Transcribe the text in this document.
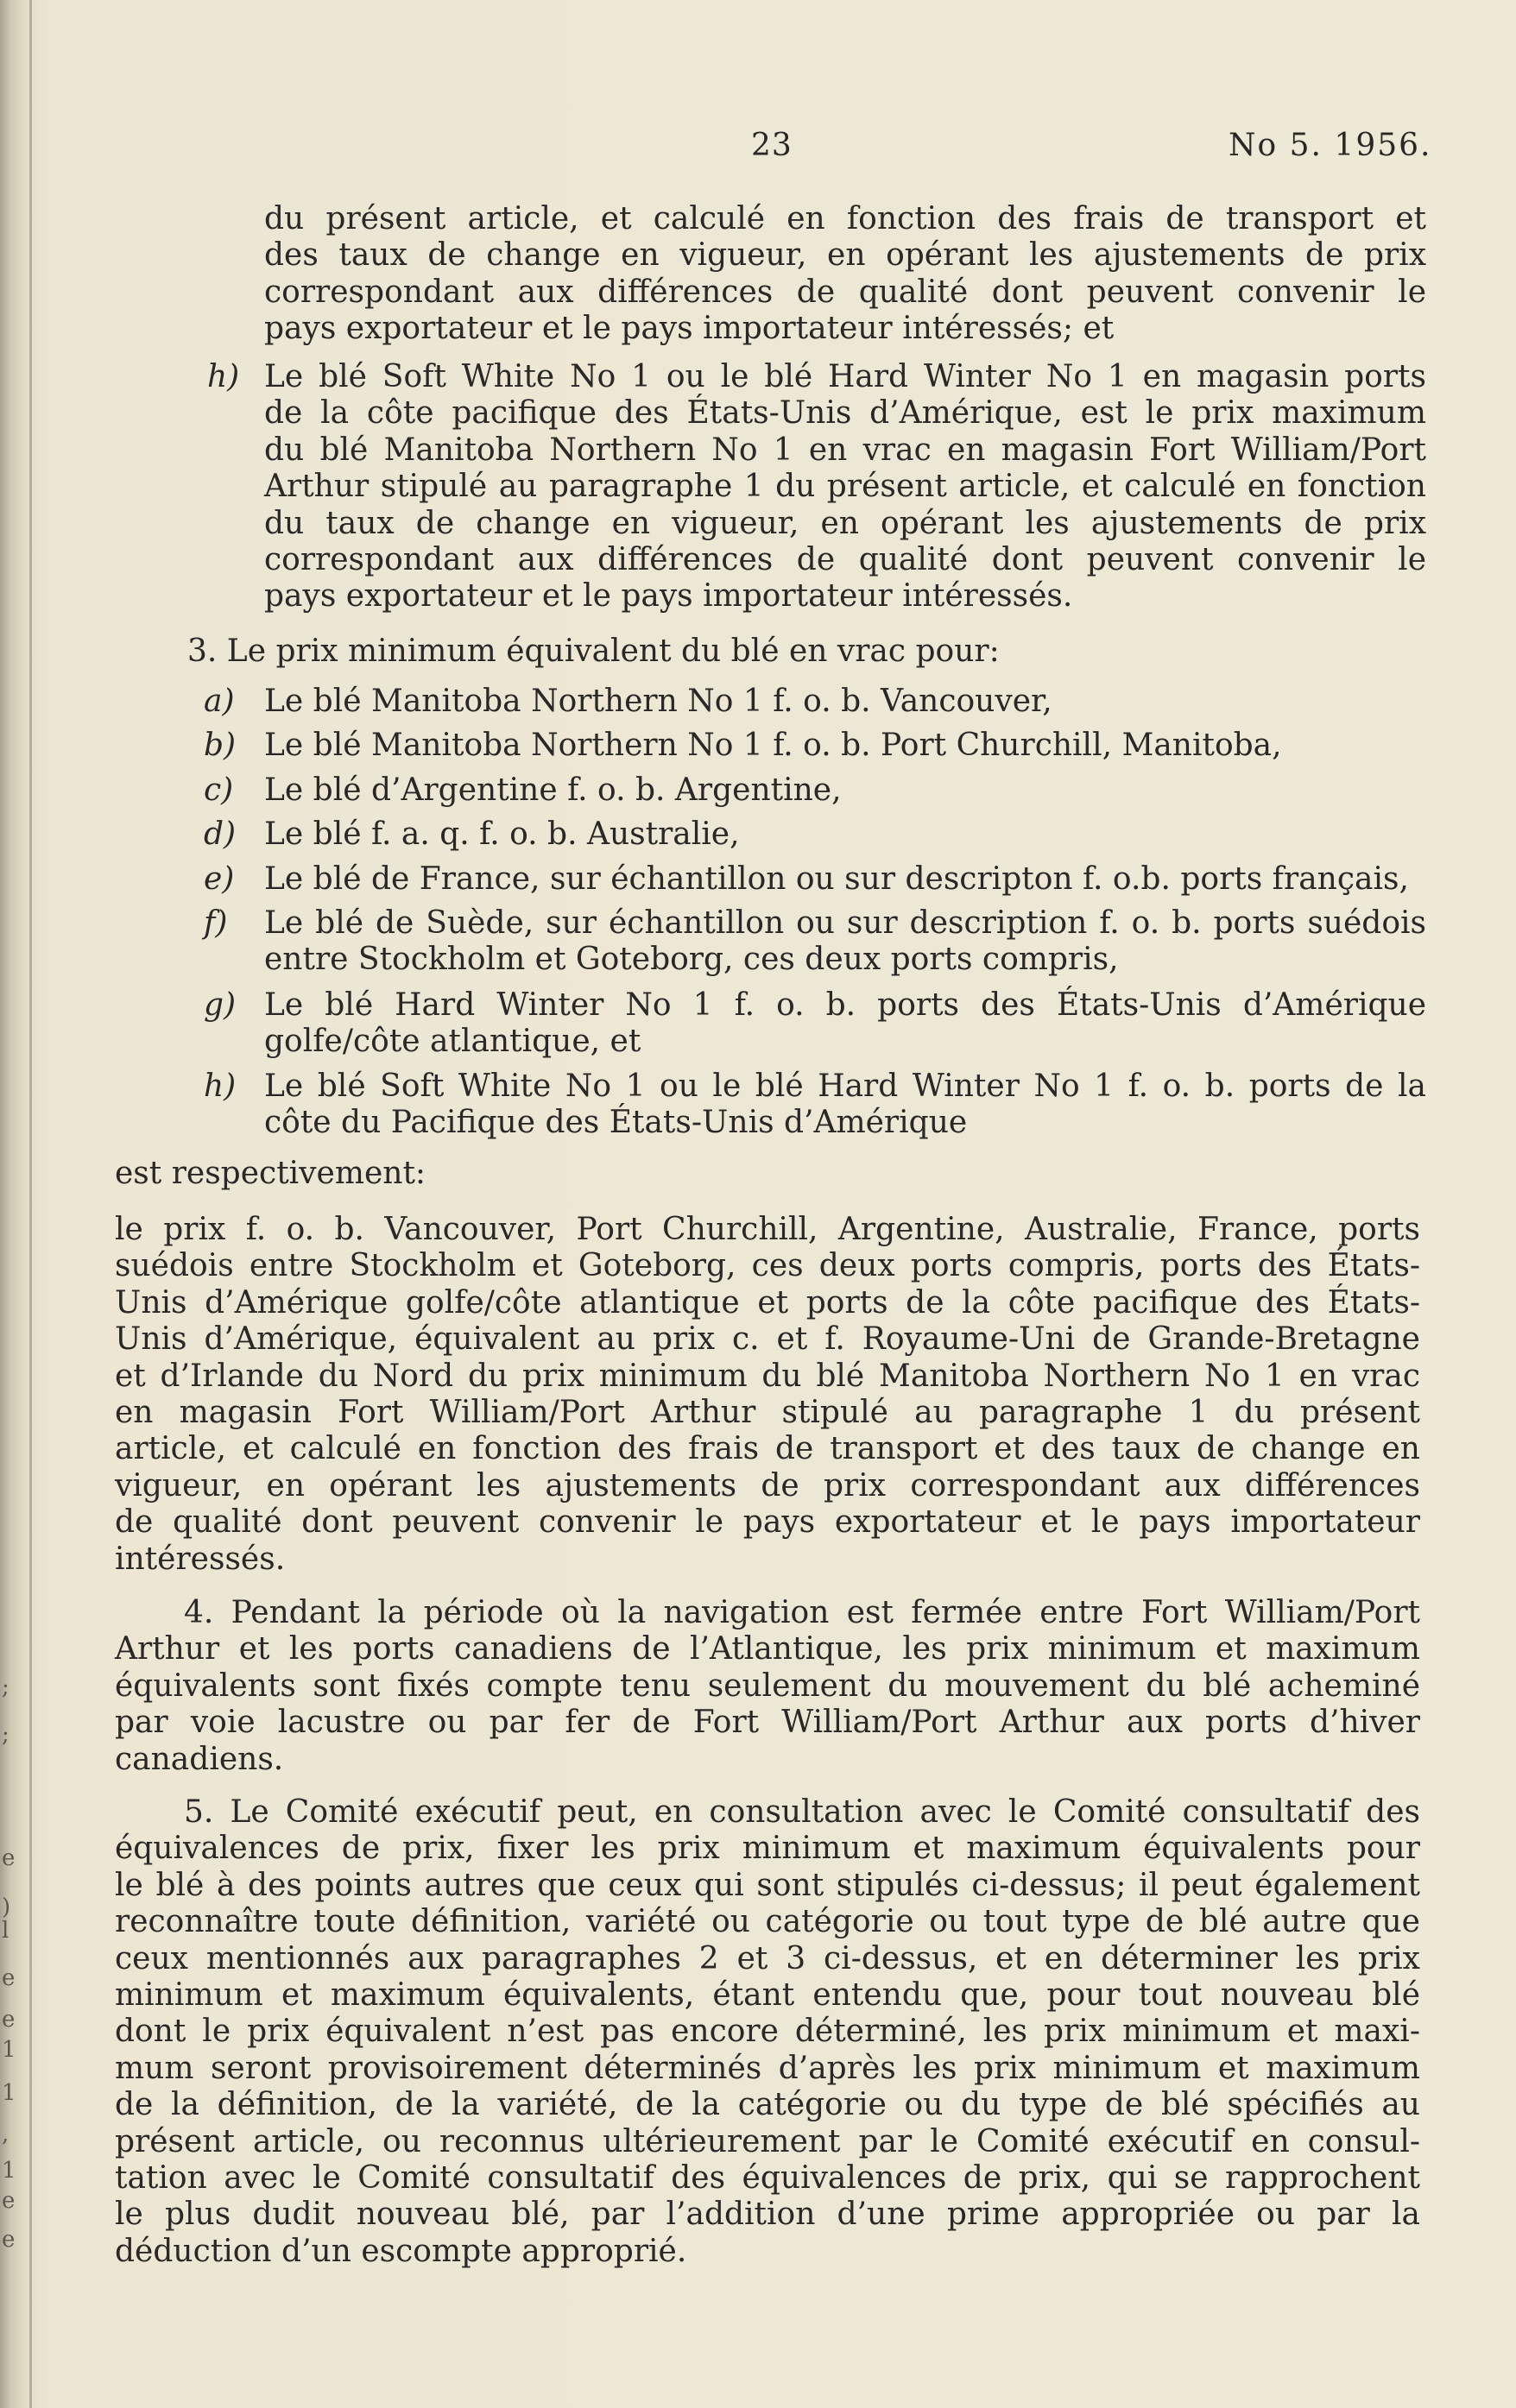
;
;
e
)
l
e
e
1
1
,
1
e
e
23	No 5. 1956.
du présent article, et calculé en fonction des frais de transport et
des taux de change en vigueur, en opérant les ajustements de prix
correspondant aux différences de qualité dont peuvent convenir le
pays exportateur et le pays importateur intéressés; et
h) Le blé Soft White No 1 ou le blé Hard Winter No 1 en magasin ports
de la côte pacifique des États-Unis d’Amérique, est le prix maximum
du blé Manitoba Northern No 1 en vrac en magasin Fort William/Port
Arthur stipulé au paragraphe 1 du présent article, et calculé en fonction
du taux de change en vigueur, en opérant les ajustements de prix
correspondant aux différences de qualité dont peuvent convenir le
pays exportateur et le pays importateur intéressés.
3. Le prix minimum équivalent du blé en vrac pour:
a) Le blé Manitoba Northern No 1 f. o. b. Vancouver,
b) Le blé Manitoba Northern No 1 f. o. b. Port Churchill, Manitoba,
c) Le blé d’Argentine f. o. b. Argentine,
d) Le blé f. a. q. f. o. b. Australie,
e) Le blé de France, sur échantillon ou sur descripton f. o.b. ports français,
f) Le blé de Suède, sur échantillon ou sur description f. o. b. ports suédois
entre Stockholm et Goteborg, ces deux ports compris,
g) Le blé Hard Winter No 1 f. o. b. ports des États-Unis d’Amérique
golfe/côte atlantique, et
h) Le blé Soft White No 1 ou le blé Hard Winter No 1 f. o. b. ports de la
côte du Pacifique des États-Unis d’Amérique
est respectivement:
le prix f. o. b. Vancouver, Port Churchill, Argentine, Australie, France, ports
suédois entre Stockholm et Goteborg, ces deux ports compris, ports des États-
Unis d’Amérique golfe/côte atlantique et ports de la côte pacifique des États-
Unis d’Amérique, équivalent au prix c. et f. Royaume-Uni de Grande-Bretagne
et d’Irlande du Nord du prix minimum du blé Manitoba Northern No 1 en vrac
en magasin Fort William/Port Arthur stipulé au paragraphe 1 du présent
article, et calculé en fonction des frais de transport et des taux de change en
vigueur, en opérant les ajustements de prix correspondant aux différences
de qualité dont peuvent convenir le pays exportateur et le pays importateur
intéressés.
4. Pendant la période où la navigation est fermée entre Fort William/Port
Arthur et les ports canadiens de l’Atlantique, les prix minimum et maximum
équivalents sont fixés compte tenu seulement du mouvement du blé acheminé
par voie lacustre ou par fer de Fort William/Port Arthur aux ports d’hiver
canadiens.
5. Le Comité exécutif peut, en consultation avec le Comité consultatif des
équivalences de prix, fixer les prix minimum et maximum équivalents pour
le blé à des points autres que ceux qui sont stipulés ci-dessus; il peut également
reconnaître toute définition, variété ou catégorie ou tout type de blé autre que
ceux mentionnés aux paragraphes 2 et 3 ci-dessus, et en déterminer les prix
minimum et maximum équivalents, étant entendu que, pour tout nouveau blé
dont le prix équivalent n’est pas encore déterminé, les prix minimum et maxi-
mum seront provisoirement déterminés d’après les prix minimum et maximum
de la définition, de la variété, de la catégorie ou du type de blé spécifiés au
présent article, ou reconnus ultérieurement par le Comité exécutif en consul-
tation avec le Comité consultatif des équivalences de prix, qui se rapprochent
le plus dudit nouveau blé, par l’addition d’une prime appropriée ou par la
déduction d’un escompte approprié.
